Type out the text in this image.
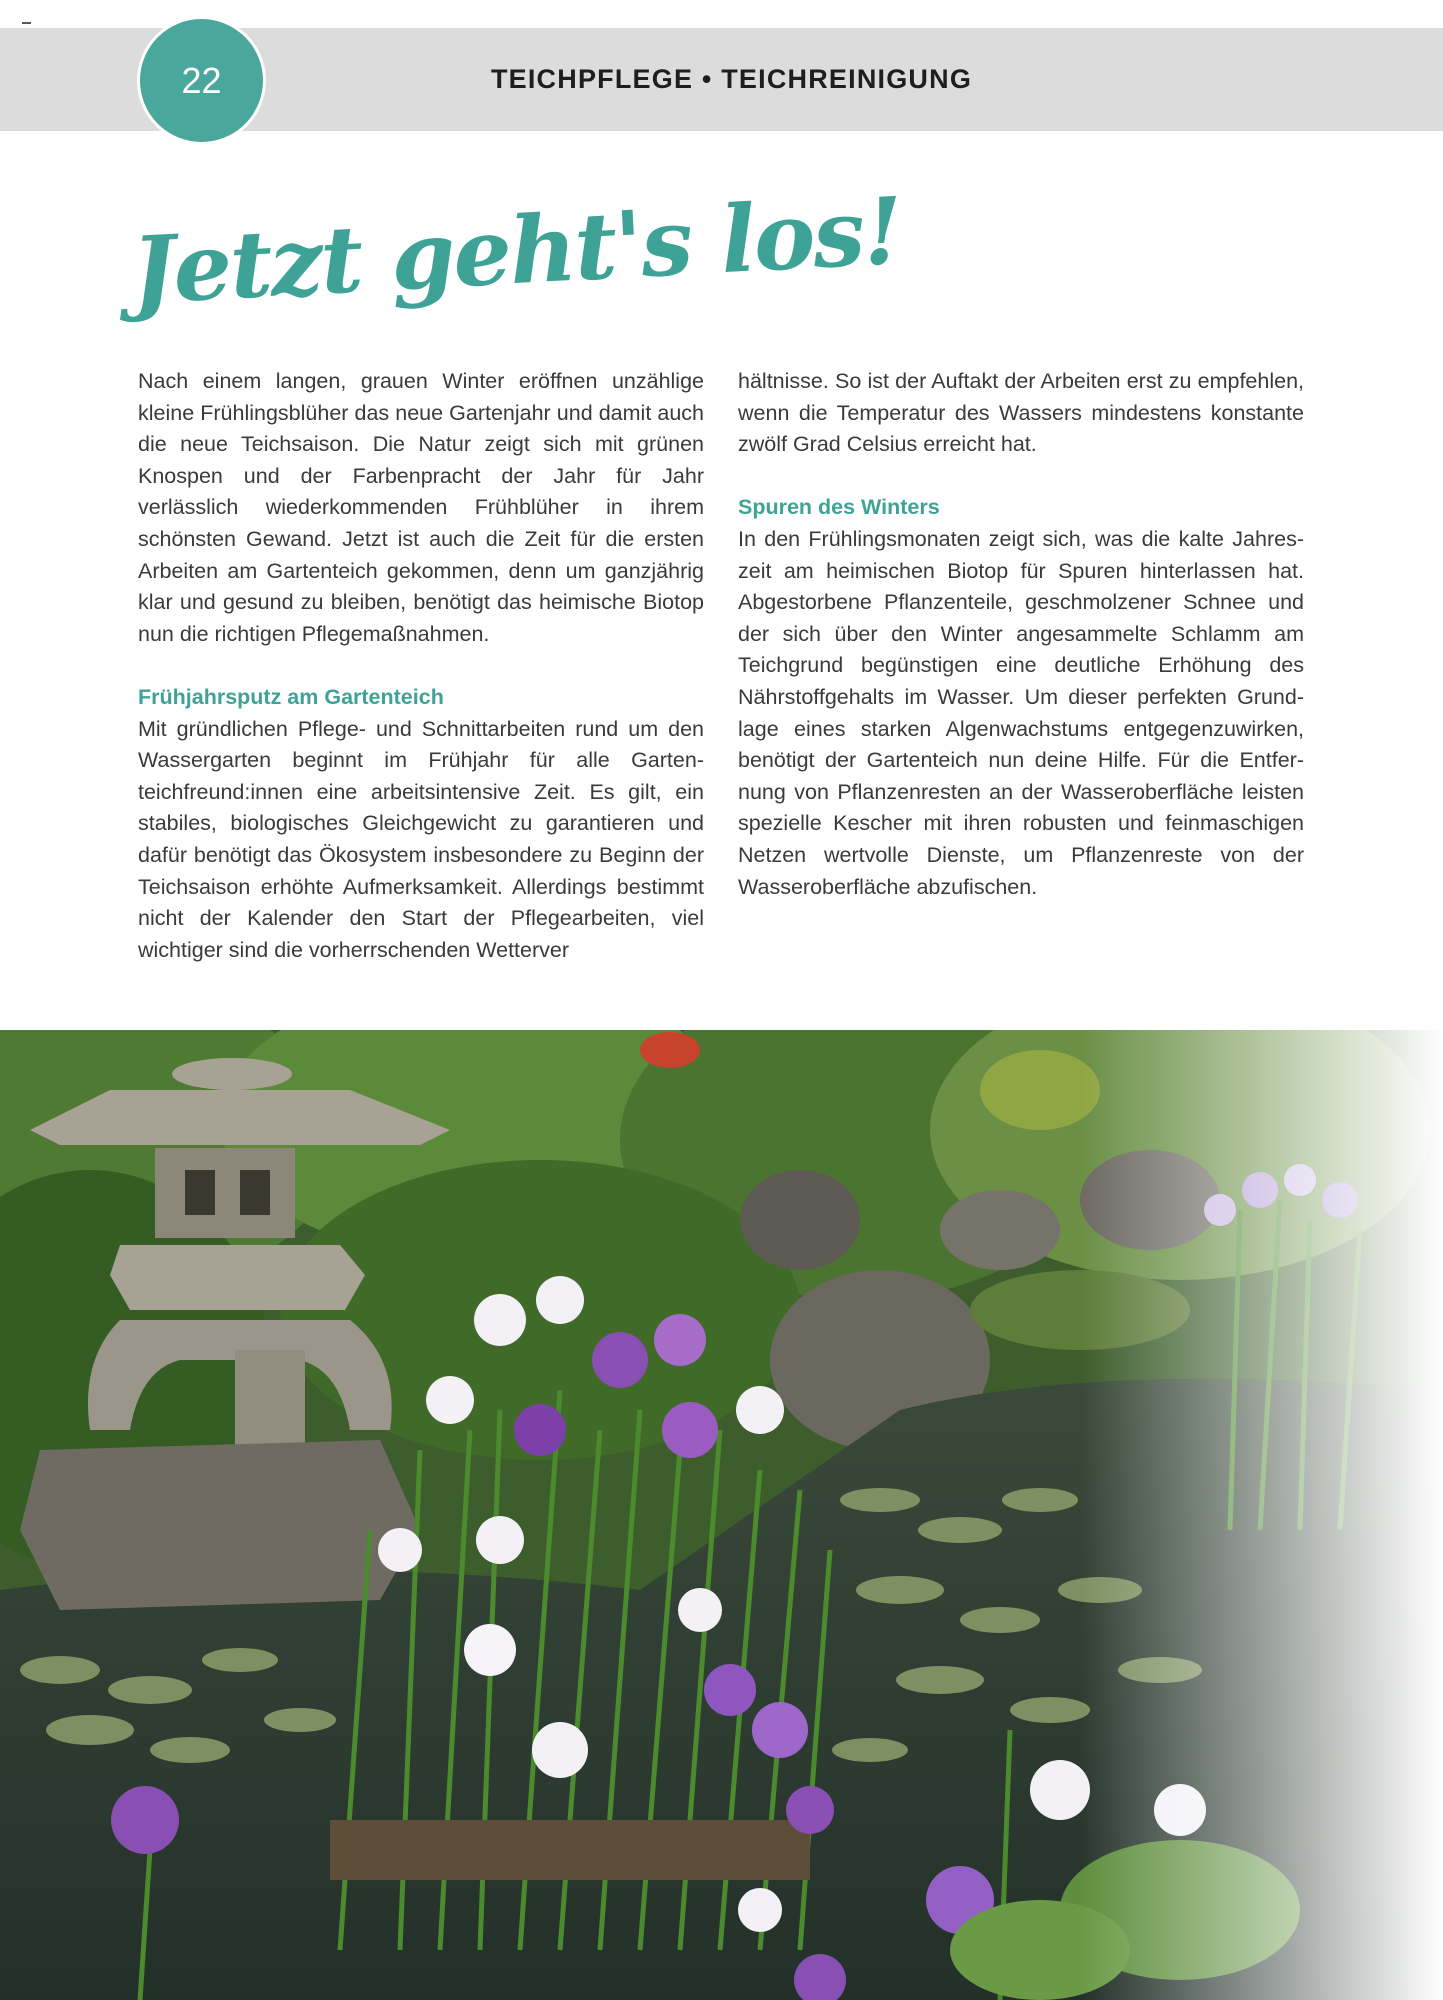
TEICHPFLEGE • TEICHREINIGUNG
22
Jetzt geht's los!

Nach einem langen, grauen Winter eröffnen unzählige kleine Frühlingsblüher das neue Gartenjahr und damit auch die neue Teichsaison. Die Natur zeigt sich mit grünen Knospen und der Farbenpracht der Jahr für Jahr verlässlich wiederkommenden Frühblüher in ihrem schönsten Gewand. Jetzt ist auch die Zeit für die ersten Arbeiten am Gartenteich gekommen, denn um ganzjährig klar und gesund zu bleiben, benötigt das heimische Biotop nun die richtigen Pflegemaßnahmen.

Frühjahrsputz am Gartenteich

Mit gründlichen Pflege- und Schnittarbeiten rund um den Wassergarten beginnt im Frühjahr für alle Gartenteichfreund:innen eine arbeitsintensive Zeit. Es gilt, ein stabiles, biologisches Gleichgewicht zu garantieren und dafür benötigt das Ökosystem insbesondere zu Beginn der Teichsaison erhöhte Aufmerksamkeit. Allerdings bestimmt nicht der Kalender den Start der Pflegearbeiten, viel wichtiger sind die vorherrschenden Wetterver

hältnisse. So ist der Auftakt der Arbeiten erst zu empfehlen, wenn die Temperatur des Wassers mindestens konstante zwölf Grad Celsius erreicht hat.

Spuren des Winters

In den Frühlingsmonaten zeigt sich, was die kalte Jahreszeit am heimischen Biotop für Spuren hinterlassen hat. Abgestorbene Pflanzenteile, geschmolzener Schnee und der sich über den Winter angesammelte Schlamm am Teichgrund begünstigen eine deutliche Erhöhung des Nährstoffgehalts im Wasser. Um dieser perfekten Grundlage eines starken Algenwachstums entgegenzuwirken, benötigt der Gartenteich nun deine Hilfe. Für die Entfernung von Pflanzenresten an der Wasseroberfläche leisten spezielle Kescher mit ihren robusten und feinmaschigen Netzen wertvolle Dienste, um Pflanzenreste von der Wasseroberfläche abzufischen.
